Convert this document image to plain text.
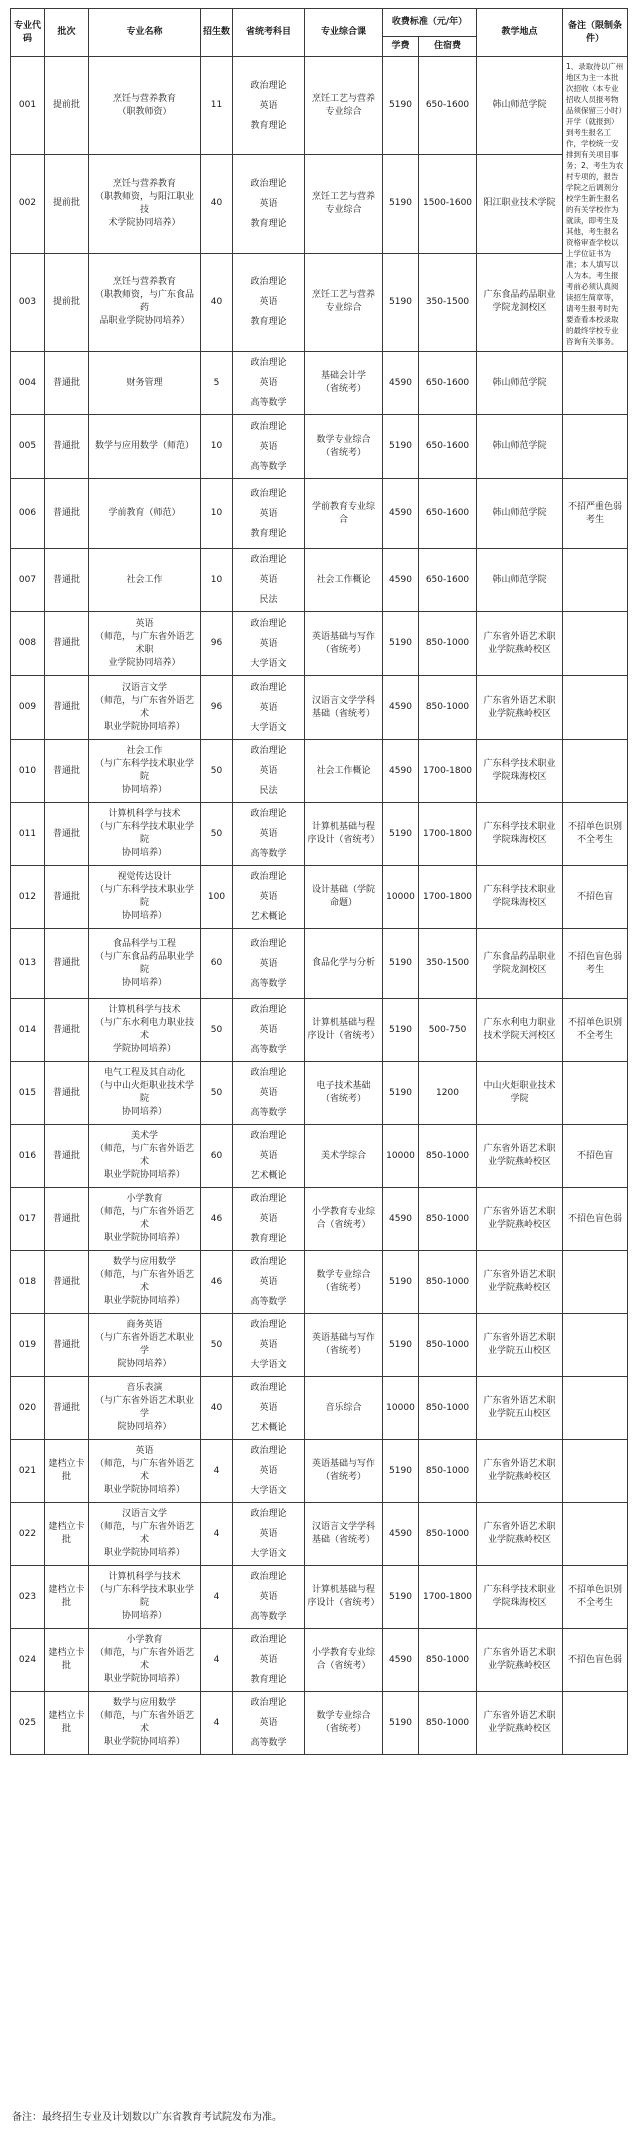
专业代码	批次	专业名称	招生数	省统考科目	专业综合课	收费标准（元/年）		教学地点	备注（限制条件）
						学费	住宿费		
001	提前批	烹饪与营养教育
（职教师资）	11	政治理论
英语
教育理论	烹饪工艺与营养
专业综合	5190	650-1600	韩山师范学院	1、录取待以广州地区为主一本批次招收（本专业招收人员报考物品须保留三小时）开学（就报到）到考生报名工作，学校统一安排到有关项目事务；2、考生为农村专项的，报告学院之后调剂分校学生新生报名的有关学校作为就读，即考生及其他，考生报名资格审查学校以上学位证书为准；本人填写以人为本。考生报考前必须认真阅读招生简章等，请考生报考时先要查看本校录取的最终学校专业咨询有关事务。
002	提前批	烹饪与营养教育
（职教师资，与阳江职业技
术学院协同培养）	40	政治理论
英语
教育理论	烹饪工艺与营养
专业综合	5190	1500-1600	阳江职业技术学院	

003	提前批	烹饪与营养教育
（职教师资，与广东食品药
品职业学院协同培养）	40	政治理论
英语
教育理论	烹饪工艺与营养
专业综合	5190	350-1500	广东食品药品职业
学院龙洞校区	

004	普通批	财务管理	5	政治理论
英语
高等数学	基础会计学
（省统考）	4590	650-1600	韩山师范学院	

005	普通批	数学与应用数学（师范）	10	政治理论
英语
高等数学	数学专业综合
（省统考）	5190	650-1600	韩山师范学院	

006	普通批	学前教育（师范）	10	政治理论
英语
教育理论	学前教育专业综
合	4590	650-1600	韩山师范学院	不招严重色弱考生
007	普通批	社会工作	10	政治理论
英语
民法	社会工作概论	4590	650-1600	韩山师范学院	

008	普通批	英语
（师范，与广东省外语艺术职
业学院协同培养）	96	政治理论
英语
大学语文	英语基础与写作
（省统考）	5190	850-1000	广东省外语艺术职
业学院燕岭校区	

009	普通批	汉语言文学
（师范，与广东省外语艺术
职业学院协同培养）	96	政治理论
英语
大学语文	汉语言文学学科
基础（省统考）	4590	850-1000	广东省外语艺术职
业学院燕岭校区	

010	普通批	社会工作
（与广东科学技术职业学院
协同培养）	50	政治理论
英语
民法	社会工作概论	4590	1700-1800	广东科学技术职业
学院珠海校区	

011	普通批	计算机科学与技术
（与广东科学技术职业学院
协同培养）	50	政治理论
英语
高等数学	计算机基础与程
序设计（省统考）	5190	1700-1800	广东科学技术职业
学院珠海校区	不招单色识别不全考生
012	普通批	视觉传达设计
（与广东科学技术职业学院
协同培养）	100	政治理论
英语
艺术概论	设计基础（学院
命题）	10000	1700-1800	广东科学技术职业
学院珠海校区	不招色盲
013	普通批	食品科学与工程
（与广东食品药品职业学院
协同培养）	60	政治理论
英语
高等数学	食品化学与分析	5190	350-1500	广东食品药品职业
学院龙洞校区	不招色盲色弱考生
014	普通批	计算机科学与技术
（与广东水利电力职业技术
学院协同培养）	50	政治理论
英语
高等数学	计算机基础与程
序设计（省统考）	5190	500-750	广东水利电力职业
技术学院天河校区	不招单色识别不全考生
015	普通批	电气工程及其自动化
（与中山火炬职业技术学院
协同培养）	50	政治理论
英语
高等数学	电子技术基础
（省统考）	5190	1200	中山火炬职业技术
学院	

016	普通批	美术学
（师范，与广东省外语艺术
职业学院协同培养）	60	政治理论
英语
艺术概论	美术学综合	10000	850-1000	广东省外语艺术职
业学院燕岭校区	不招色盲
017	普通批	小学教育
（师范，与广东省外语艺术
职业学院协同培养）	46	政治理论
英语
教育理论	小学教育专业综
合（省统考）	4590	850-1000	广东省外语艺术职
业学院燕岭校区	不招色盲色弱
018	普通批	数学与应用数学
（师范，与广东省外语艺术
职业学院协同培养）	46	政治理论
英语
高等数学	数学专业综合
（省统考）	5190	850-1000	广东省外语艺术职
业学院燕岭校区	

019	普通批	商务英语
（与广东省外语艺术职业学
院协同培养）	50	政治理论
英语
大学语文	英语基础与写作
（省统考）	5190	850-1000	广东省外语艺术职
业学院五山校区	

020	普通批	音乐表演
（与广东省外语艺术职业学
院协同培养）	40	政治理论
英语
艺术概论	音乐综合	10000	850-1000	广东省外语艺术职
业学院五山校区	

021	建档立卡批	英语
（师范，与广东省外语艺术
职业学院协同培养）	4	政治理论
英语
大学语文	英语基础与写作
（省统考）	5190	850-1000	广东省外语艺术职
业学院燕岭校区	

022	建档立卡批	汉语言文学
（师范，与广东省外语艺术
职业学院协同培养）	4	政治理论
英语
大学语文	汉语言文学学科
基础（省统考）	4590	850-1000	广东省外语艺术职
业学院燕岭校区	

023	建档立卡批	计算机科学与技术
（与广东科学技术职业学院
协同培养）	4	政治理论
英语
高等数学	计算机基础与程
序设计（省统考）	5190	1700-1800	广东科学技术职业
学院珠海校区	不招单色识别不全考生
024	建档立卡批	小学教育
（师范，与广东省外语艺术
职业学院协同培养）	4	政治理论
英语
教育理论	小学教育专业综
合（省统考）	4590	850-1000	广东省外语艺术职
业学院燕岭校区	不招色盲色弱
025	建档立卡批	数学与应用数学
（师范，与广东省外语艺术
职业学院协同培养）	4	政治理论
英语
高等数学	数学专业综合
（省统考）	5190	850-1000	广东省外语艺术职
业学院燕岭校区	

备注：最终招生专业及计划数以广东省教育考试院发布为准。
